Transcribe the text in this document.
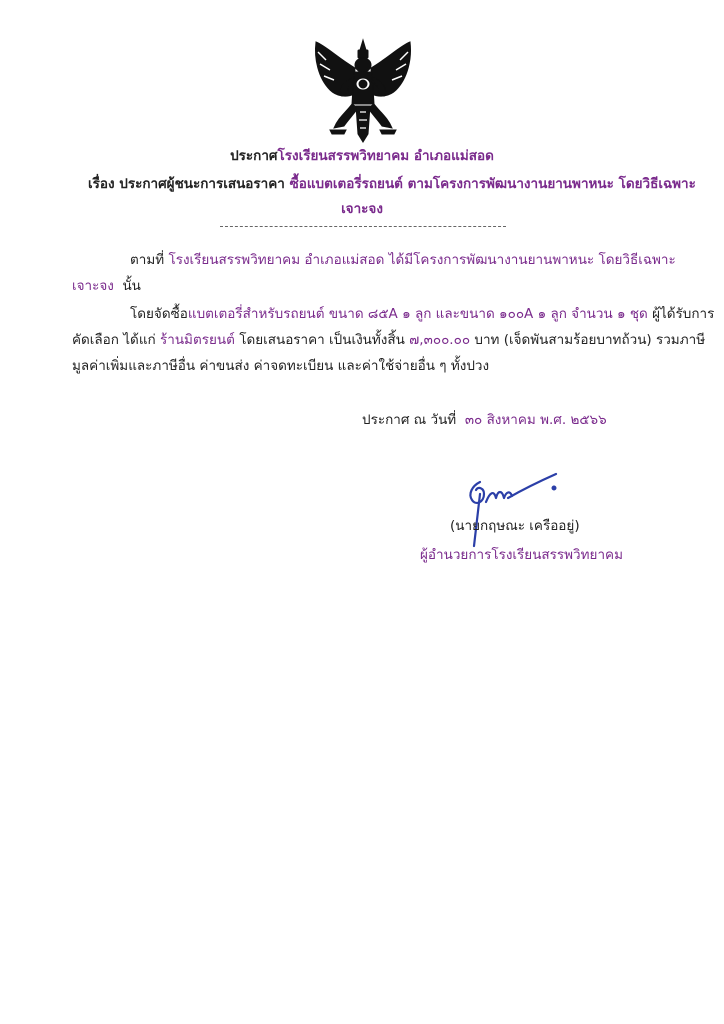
ประกาศโรงเรียนสรรพวิทยาคม อำเภอแม่สอด
เรื่อง ประกาศผู้ชนะการเสนอราคา ซื้อแบตเตอรี่รถยนต์ ตามโครงการพัฒนางานยานพาหนะ โดยวิธีเฉพาะ
เจาะจง
ตามที่ โรงเรียนสรรพวิทยาคม อำเภอแม่สอด ได้มีโครงการพัฒนางานยานพาหนะ โดยวิธีเฉพาะ
เจาะจง นั้น
โดยจัดซื้อแบตเตอรี่สำหรับรถยนต์ ขนาด ๘๕A ๑ ลูก และขนาด ๑๐๐A ๑ ลูก จำนวน ๑ ชุด ผู้ได้รับการ
คัดเลือก ได้แก่ ร้านมิตรยนต์ โดยเสนอราคา เป็นเงินทั้งสิ้น ๗,๓๐๐.๐๐ บาท (เจ็ดพันสามร้อยบาทถ้วน) รวมภาษี
มูลค่าเพิ่มและภาษีอื่น ค่าขนส่ง ค่าจดทะเบียน และค่าใช้จ่ายอื่น ๆ ทั้งปวง
ประกาศ ณ วันที่ ๓๐ สิงหาคม พ.ศ. ๒๕๖๖
(นายกฤษณะ เครืออยู่)
ผู้อำนวยการโรงเรียนสรรพวิทยาคม
